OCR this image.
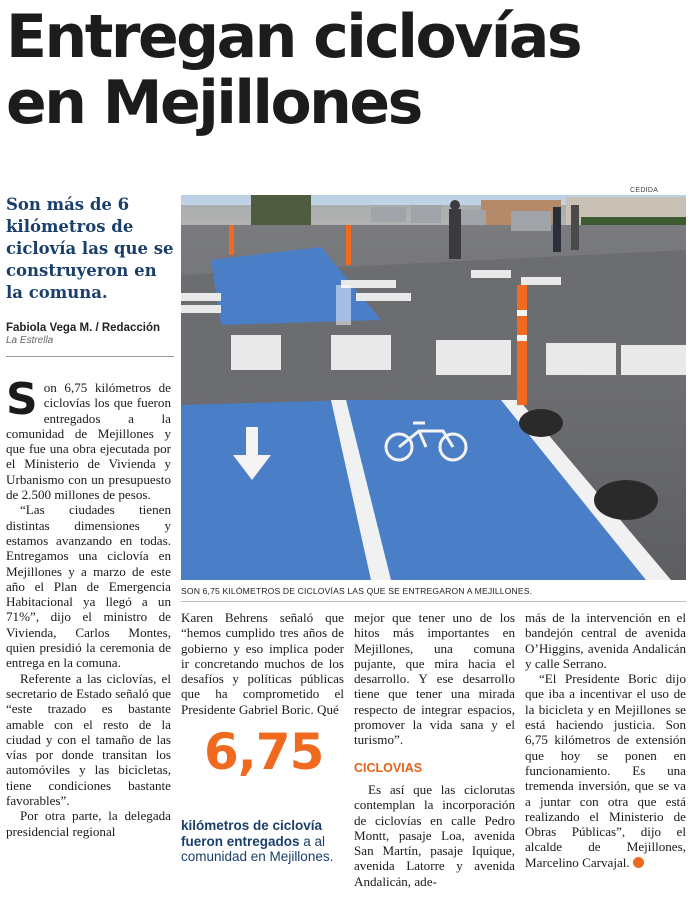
Entregan ciclovías
en Mejillones
Son más de 6 kilómetros de ciclovía las que se construyeron en la comuna.
Fabiola Vega M. / Redacción
La Estrella
CEDIDA
SON 6,75 KILÓMETROS DE CICLOVÍAS LAS QUE SE ENTREGARON A MEJILLONES.

Son 6,75 kilómetros de ciclovías los que fueron entregados a la comunidad de Mejillones y que fue una obra ejecutada por el Ministerio de Vivienda y Urbanismo con un presupuesto de 2.500 millones de pesos.

“Las ciudades tienen distintas dimensiones y estamos avanzando en todas. Entregamos una ciclovía en Mejillones y a marzo de este año el Plan de Emergencia Habitacional ya llegó a un 71%”, dijo el ministro de Vivienda, Carlos Montes, quien presidió la ceremonia de entrega en la comuna.

Referente a las ciclovías, el secretario de Estado señaló que “este trazado es bastante amable con el resto de la ciudad y con el tamaño de las vías por donde transitan los automóviles y las bicicletas, tiene condiciones bastante favorables”.

Por otra parte, la delegada presidencial regional

Karen Behrens señaló que “hemos cumplido tres años de gobierno y eso implica poder ir concretando muchos de los desafíos y políticas públicas que ha comprometido el Presidente Gabriel Boric. Qué

6,75
kilómetros de ciclovía fueron entregados a al comunidad en Mejillones.

mejor que tener uno de los hitos más importantes en Mejillones, una comuna pujante, que mira hacia el desarrollo. Y ese desarrollo tiene que tener una mirada respecto de integrar espacios, promover la vida sana y el turismo”.

CICLOVIAS

Es así que las ciclorutas contemplan la incorporación de ciclovías en calle Pedro Montt, pasaje Loa, avenida San Martín, pasaje Iquique, avenida Latorre y avenida Andalicán, ade-

más de la intervención en el bandejón central de avenida O’Higgins, avenida Andalicán y calle Serrano.

“El Presidente Boric dijo que iba a incentivar el uso de la bicicleta y en Mejillones se está haciendo justicia. Son 6,75 kilómetros de extensión que hoy se ponen en funcionamiento. Es una tremenda inversión, que se va a juntar con otra que está realizando el Ministerio de Obras Públicas”, dijo el alcalde de Mejillones, Marcelino Carvajal.
